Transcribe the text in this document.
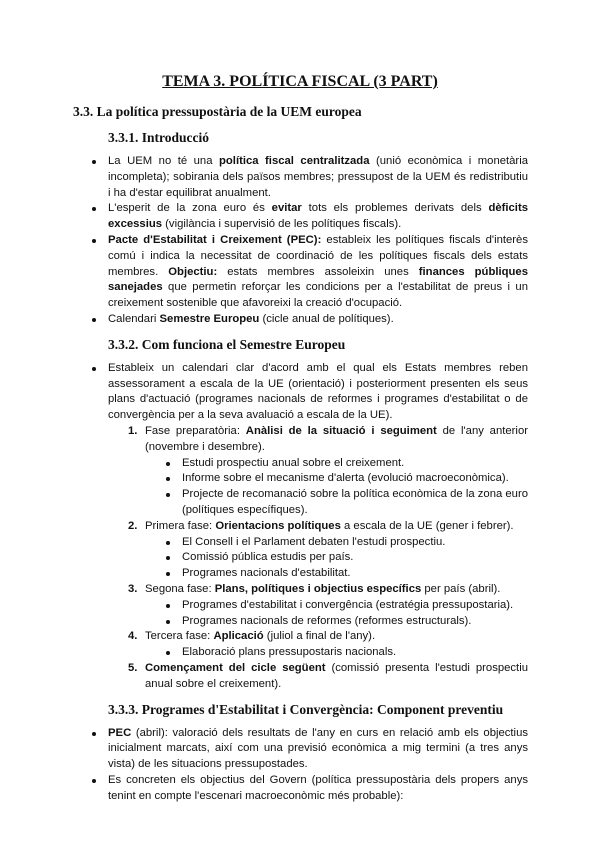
TEMA 3. POLÍTICA FISCAL (3 PART)
3.3. La política pressupostària de la UEM europea
3.3.1. Introducció
La UEM no té una política fiscal centralitzada (unió econòmica i monetària incompleta); sobirania dels països membres; pressupost de la UEM és redistributiu i ha d'estar equilibrat anualment.
L'esperit de la zona euro és evitar tots els problemes derivats dels dèficits excessius (vigilància i supervisió de les polítiques fiscals).
Pacte d'Estabilitat i Creixement (PEC): estableix les polítiques fiscals d'interès comú i indica la necessitat de coordinació de les polítiques fiscals dels estats membres. Objectiu: estats membres assoleixin unes finances públiques sanejades que permetin reforçar les condicions per a l'estabilitat de preus i un creixement sostenible que afavoreixi la creació d'ocupació.
Calendari Semestre Europeu (cicle anual de polítiques).
3.3.2. Com funciona el Semestre Europeu
Estableix un calendari clar d'acord amb el qual els Estats membres reben assessorament a escala de la UE (orientació) i posteriorment presenten els seus plans d'actuació (programes nacionals de reformes i programes d'estabilitat o de convergència per a la seva avaluació a escala de la UE).
1. Fase preparatòria: Anàlisi de la situació i seguiment de l'any anterior (novembre i desembre).
Estudi prospectiu anual sobre el creixement.
Informe sobre el mecanisme d'alerta (evolució macroeconòmica).
Projecte de recomanació sobre la política econòmica de la zona euro (polítiques específiques).
2. Primera fase: Orientacions polítiques a escala de la UE (gener i febrer).
El Consell i el Parlament debaten l'estudi prospectiu.
Comissió pública estudis per país.
Programes nacionals d'estabilitat.
3. Segona fase: Plans, polítiques i objectius específics per país (abril).
Programes d'estabilitat i convergência (estratégia pressupostaria).
Programes nacionals de reformes (reformes estructurals).
4. Tercera fase: Aplicació (juliol a final de l'any).
Elaboració plans pressupostaris nacionals.
5. Començament del cicle següent (comissió presenta l'estudi prospectiu anual sobre el creixement).
3.3.3. Programes d'Estabilitat i Convergència: Component preventiu
PEC (abril): valoració dels resultats de l'any en curs en relació amb els objectius inicialment marcats, així com una previsió econòmica a mig termini (a tres anys vista) de les situacions pressupostades.
Es concreten els objectius del Govern (política pressupostària dels propers anys tenint en compte l'escenari macroeconòmic més probable):
